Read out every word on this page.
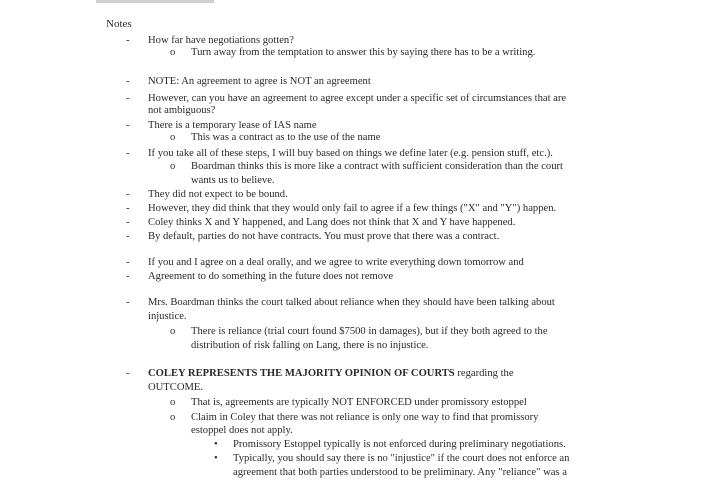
Notes
-
o
-
-
-
o
-
o
-
-
-
-
-
-
-
o
-
o
o
•
•
How far have negotiations gotten?
Turn away from the temptation to answer this by saying there has to be a writing.
NOTE: An agreement to agree is NOT an agreement
However, can you have an agreement to agree except under a specific set of circumstances that are
not ambiguous?
There is a temporary lease of IAS name
This was a contract as to the use of the name
If you take all of these steps, I will buy based on things we define later (e.g. pension stuff, etc.).
Boardman thinks this is more like a contract with sufficient consideration than the court
wants us to believe.
They did not expect to be bound.
However, they did think that they would only fail to agree if a few things ("X" and "Y") happen.
Coley thinks X and Y happened, and Lang does not think that X and Y have happened.
By default, parties do not have contracts. You must prove that there was a contract.
If you and I agree on a deal orally, and we agree to write everything down tomorrow and
Agreement to do something in the future does not remove
Mrs. Boardman thinks the court talked about reliance when they should have been talking about
injustice.
There is reliance (trial court found $7500 in damages), but if they both agreed to the
distribution of risk falling on Lang, there is no injustice.
COLEY REPRESENTS THE MAJORITY OPINION OF COURTS regarding the
OUTCOME.
That is, agreements are typically NOT ENFORCED under promissory estoppel
Claim in Coley that there was not reliance is only one way to find that promissory
estoppel does not apply.
Promissory Estoppel typically is not enforced during preliminary negotiations.
Typically, you should say there is no "injustice" if the court does not enforce an
agreement that both parties understood to be preliminary. Any "reliance" was a
